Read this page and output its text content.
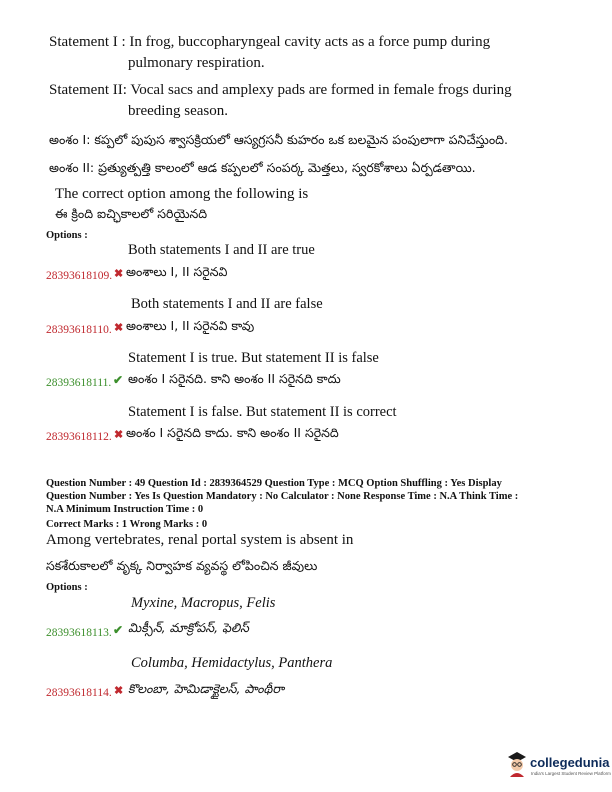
Statement I : In frog, buccopharyngeal cavity acts as a force pump during
pulmonary respiration.
Statement II: Vocal sacs and amplexy pads are formed in female frogs during
breeding season.
అంశం I: కప్పలో పుపుస శ్వాసక్రియలో ఆస్యగ్రసనీ కుహరం ఒక బలమైన పంపులాగా పనిచేస్తుంది.
అంశం II: ప్రత్యుత్పత్తి కాలంలో ఆడ కప్పలలో సంపర్క మెత్తలు, స్వరకోశాలు ఏర్పడతాయి.
The correct option among the following is
ఈ క్రింది ఐచ్ఛికాలలో సరియైనది
Options :
Both statements I and II are true
28393618109. ✖ అంశాలు I, II సరైనవి
Both statements I and II are false
28393618110. ✖ అంశాలు I, II సరైనవి కావు
Statement I is true. But statement II is false
28393618111. ✔ అంశం I సరైనది. కాని అంశం II సరైనది కాదు
Statement I is false. But statement II is correct
28393618112. ✖ అంశం I సరైనది కాదు. కాని అంశం II సరైనది
Question Number : 49 Question Id : 2839364529 Question Type : MCQ Option Shuffling : Yes Display
Question Number : Yes Is Question Mandatory : No Calculator : None Response Time : N.A Think Time :
N.A Minimum Instruction Time : 0
Correct Marks : 1 Wrong Marks : 0
Among vertebrates, renal portal system is absent in
సకశేరుకాలలో వృక్క నిర్వాహక వ్యవస్థ లోపించిన జీవులు
Options :
Myxine, Macropus, Felis
28393618113. ✔ మిక్సీన్, మాక్రోపస్, ఫెలిస్
Columba, Hemidactylus, Panthera
28393618114. ✖ కొలంబా, హెమిడాక్టైలస్, పాంథీరా
collegedunia
India's Largest Student Review Platform
